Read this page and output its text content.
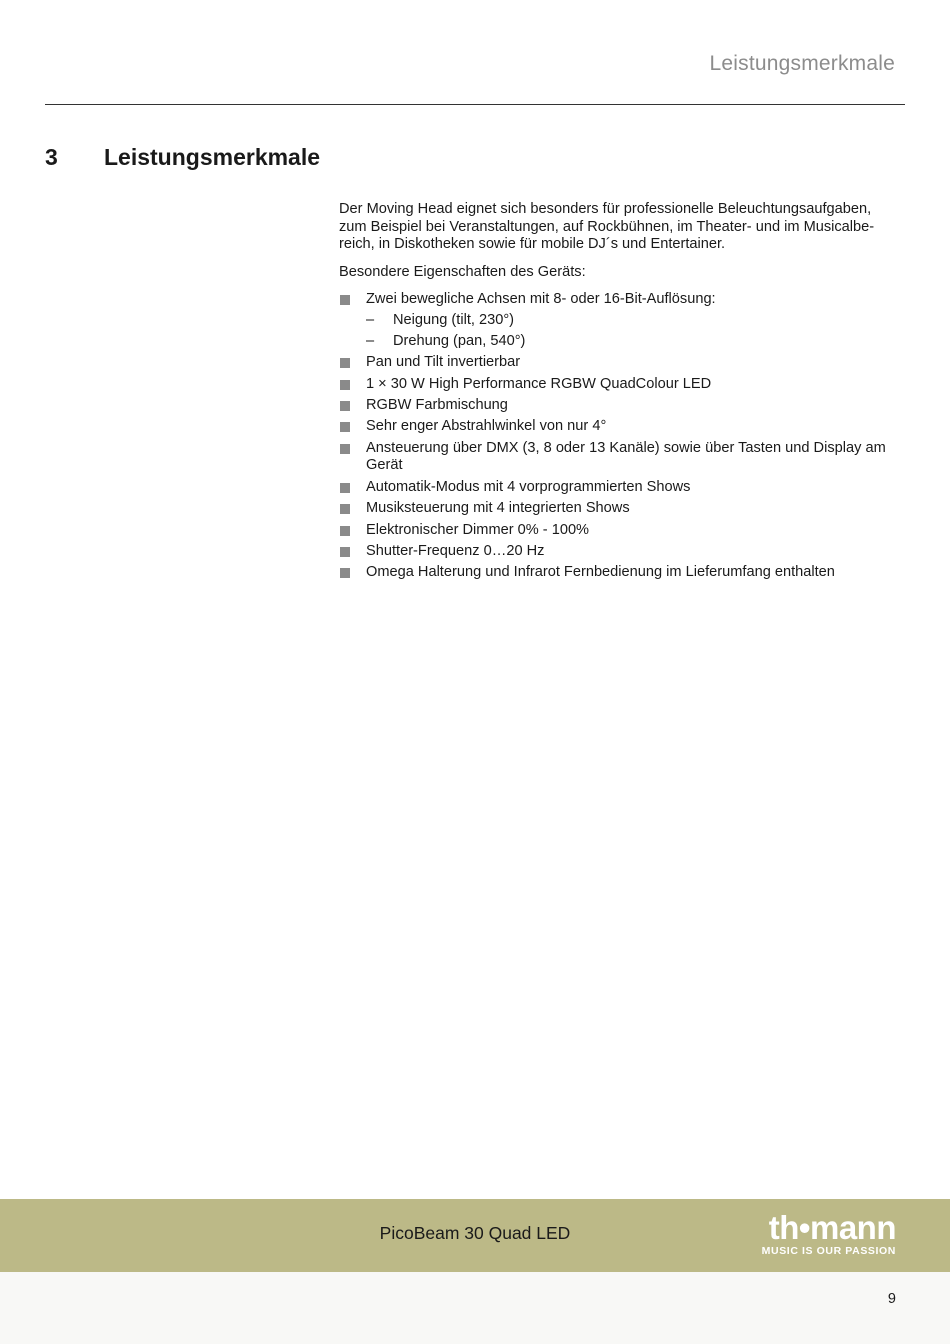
Leistungsmerkmale
3 Leistungsmerkmale

Der Moving Head eignet sich besonders für professionelle Beleuchtungsaufgaben, zum Beispiel bei Veranstaltungen, auf Rockbühnen, im Theater- und im Musicalbe-reich, in Diskotheken sowie für mobile DJ´s und Entertainer.

Besondere Eigenschaften des Geräts:

Zwei bewegliche Achsen mit 8- oder 16-Bit-Auflösung:
– Neigung (tilt, 230°)
– Drehung (pan, 540°)
Pan und Tilt invertierbar
1 × 30 W High Performance RGBW QuadColour LED
RGBW Farbmischung
Sehr enger Abstrahlwinkel von nur 4°
Ansteuerung über DMX (3, 8 oder 13 Kanäle) sowie über Tasten und Display am Gerät
Automatik-Modus mit 4 vorprogrammierten Shows
Musiksteuerung mit 4 integrierten Shows
Elektronischer Dimmer 0% - 100%
Shutter-Frequenz 0…20 Hz
Omega Halterung und Infrarot Fernbedienung im Lieferumfang enthalten
PicoBeam 30 Quad LED	th•mann
MUSIC IS OUR PASSION
9
